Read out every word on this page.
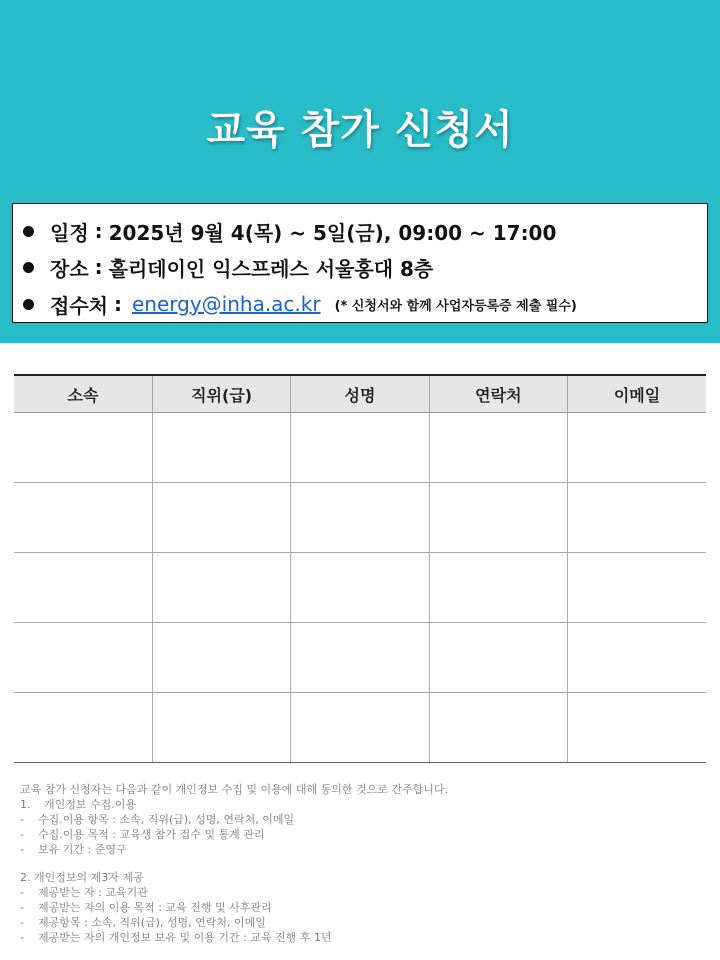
교육 참가 신청서
일정 : 2025년 9월 4(목) ~ 5일(금), 09:00 ~ 17:00
장소 : 홀리데이인 익스프레스 서울홍대 8층
접수처 : energy@inha.ac.kr (* 신청서와 함께 사업자등록증 제출 필수)
소속	직위(급)	성명	연락처	이메일

교육 참가 신청자는 다음과 같이 개인정보 수집 및 이용에 대해 동의한 것으로 간주합니다.
1. 개인정보 수집.이용
- 수집.이용 항목 : 소속, 직위(급), 성명, 연락처, 이메일
- 수집.이용 목적 : 교육생 참가 접수 및 통계 관리
- 보유 기간 : 준영구
2. 개인정보의 제3자 제공
- 제공받는 자 : 교육기관
- 제공받는 자의 이용 목적 : 교육 진행 및 사후관리
- 제공항목 : 소속, 직위(급), 성명, 연락처, 이메일
- 제공받는 자의 개인정보 보유 및 이용 기간 : 교육 진행 후 1년
